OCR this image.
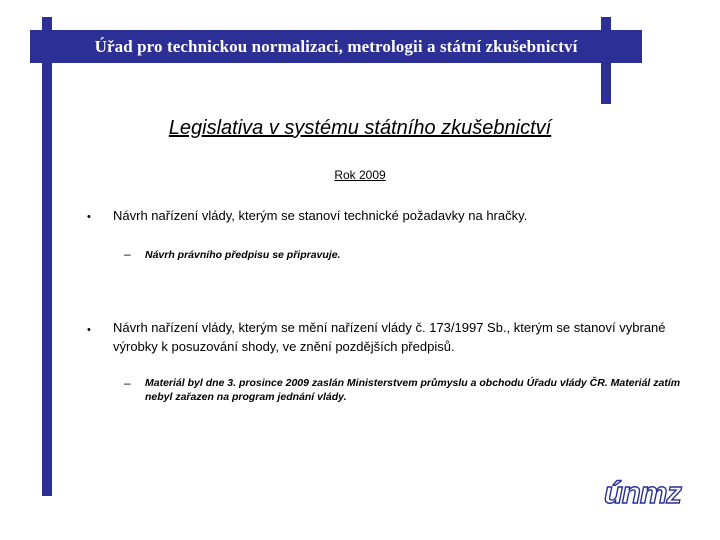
Úřad pro technickou normalizaci, metrologii a státní zkušebnictví
Legislativa v systému státního zkušebnictví
Rok 2009
• Návrh nařízení vlády, kterým se stanoví technické požadavky na hračky.
– Návrh právního předpisu se připravuje.
• Návrh nařízení vlády, kterým se mění nařízení vlády č. 173/1997 Sb., kterým se stanoví vybrané výrobky k posuzování shody, ve znění pozdějších předpisů.
– Materiál byl dne 3. prosince 2009 zaslán Ministerstvem průmyslu a obchodu Úřadu vlády ČR. Materiál zatím nebyl zařazen na program jednání vlády.
únmz
